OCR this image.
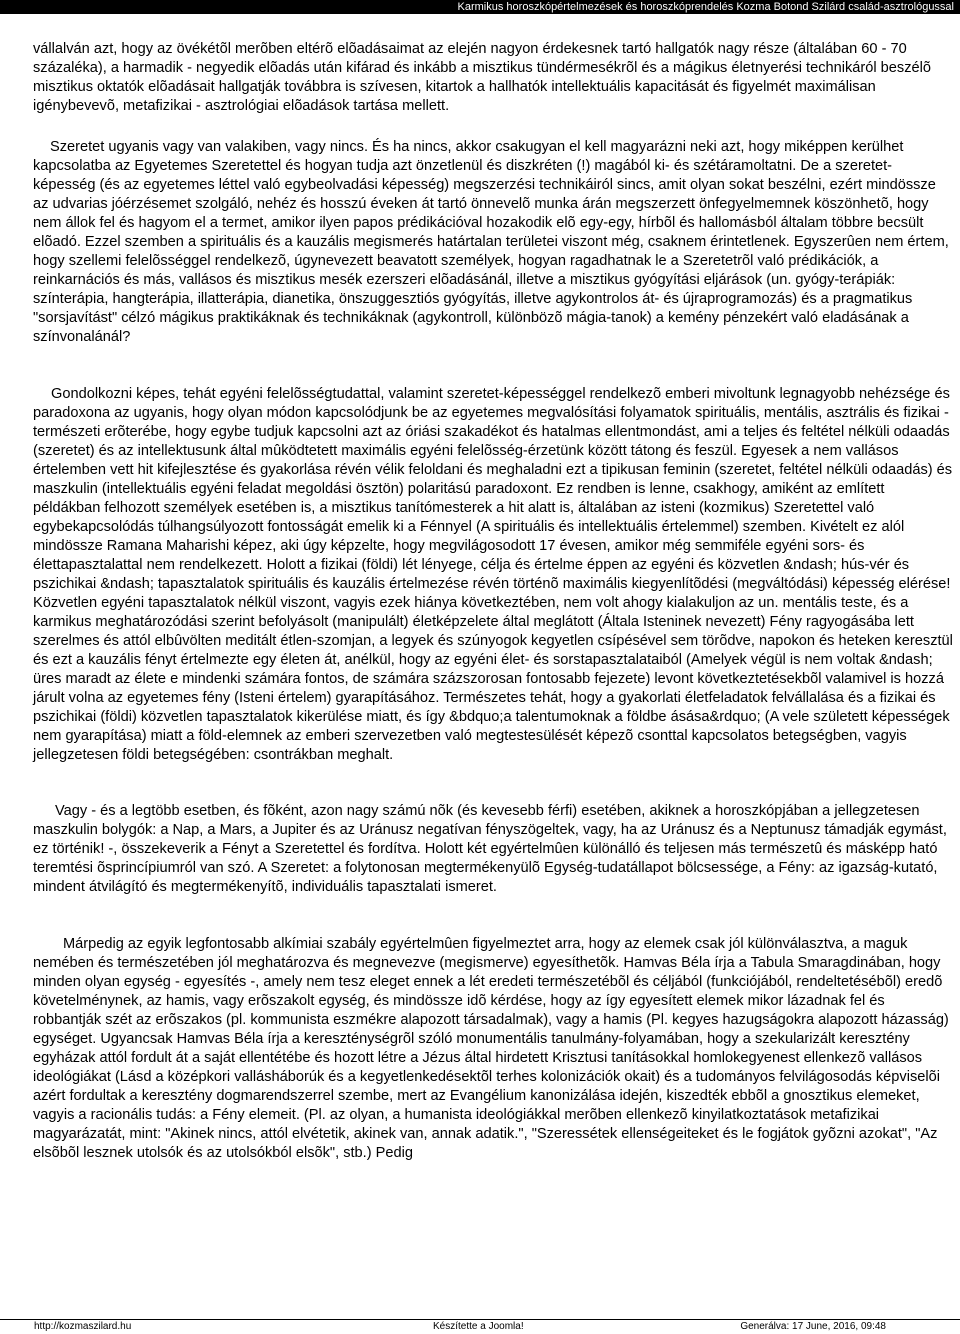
Karmikus horoszkópértelmezések és horoszkóprendelés Kozma Botond Szilárd család-asztrológussal

vállalván azt, hogy az övékétõl merõben eltérõ elõadásaimat az elején nagyon érdekesnek tartó hallgatók nagy része (általában 60 - 70 százaléka), a harmadik - negyedik elõadás után kifárad és inkább a misztikus tündérmesékrõl és a mágikus életnyerési technikáról beszélõ misztikus oktatók elõadásait hallgatják továbbra is szívesen, kitartok a hallhatók intellektuális kapacitását és figyelmét maximálisan igénybevevõ, metafizikai - asztrológiai elõadások tartása mellett.

Szeretet ugyanis vagy van valakiben, vagy nincs. És ha nincs, akkor csakugyan el kell magyarázni neki azt, hogy miképpen kerülhet kapcsolatba az Egyetemes Szeretettel és hogyan tudja azt önzetlenül és diszkréten (!) magából ki- és szétáramoltatni. De a szeretet-képesség (és az egyetemes léttel való egybeolvadási képesség) megszerzési technikáiról sincs, amit olyan sokat beszélni, ezért mindössze az udvarias jóérzésemet szolgáló, nehéz és hosszú éveken át tartó önnevelõ munka árán megszerzett önfegyelmemnek köszönhetõ, hogy nem állok fel és hagyom el a termet, amikor ilyen papos prédikációval hozakodik elõ egy-egy, hírbõl és hallomásból általam többre becsült elõadó. Ezzel szemben a spirituális és a kauzális megismerés határtalan területei viszont még, csaknem érintetlenek. Egyszerûen nem értem, hogy szellemi felelõsséggel rendelkezõ, úgynevezett beavatott személyek, hogyan ragadhatnak le a Szeretetrõl való prédikációk, a reinkarnációs és más, vallásos és misztikus mesék ezerszeri elõadásánál, illetve a misztikus gyógyítási eljárások (un. gyógy-terápiák: színterápia, hangterápia, illatterápia, dianetika, önszuggesztiós gyógyítás, illetve agykontrolos át- és újraprogramozás) és a pragmatikus "sorsjavítást" célzó mágikus praktikáknak és technikáknak (agykontroll, különbözõ mágia-tanok) a kemény pénzekért való eladásának a színvonalánál?

Gondolkozni képes, tehát egyéni felelõsségtudattal, valamint szeretet-képességgel rendelkezõ emberi mivoltunk legnagyobb nehézsége és paradoxona az ugyanis, hogy olyan módon kapcsolódjunk be az egyetemes megvalósítási folyamatok spirituális, mentális, asztrális és fizikai - természeti erõterébe, hogy egybe tudjuk kapcsolni azt az óriási szakadékot és hatalmas ellentmondást, ami a teljes és feltétel nélküli odaadás (szeretet) és az intellektusunk által mûködtetett maximális egyéni felelõsség-érzetünk között tátong és feszül. Egyesek a nem vallásos értelemben vett hit kifejlesztése és gyakorlása révén vélik feloldani és meghaladni ezt a tipikusan feminin (szeretet, feltétel nélküli odaadás) és maszkulin (intellektuális egyéni feladat megoldási ösztön) polaritású paradoxont. Ez rendben is lenne, csakhogy, amiként az említett példákban felhozott személyek esetében is, a misztikus tanítómesterek a hit alatt is, általában az isteni (kozmikus) Szeretettel való egybekapcsolódás túlhangsúlyozott fontosságát emelik ki a Fénnyel (A spirituális és intellektuális értelemmel) szemben. Kivételt ez alól mindössze Ramana Maharishi képez, aki úgy képzelte, hogy megvilágosodott 17 évesen, amikor még semmiféle egyéni sors- és élettapasztalattal nem rendelkezett. Holott a fizikai (földi) lét lényege, célja és értelme éppen az egyéni és közvetlen &ndash; hús-vér és pszichikai &ndash; tapasztalatok spirituális és kauzális értelmezése révén történõ maximális kiegyenlítõdési (megváltódási) képesség elérése! Közvetlen egyéni tapasztalatok nélkül viszont, vagyis ezek hiánya következtében, nem volt ahogy kialakuljon az un. mentális teste, és a karmikus meghatározódási szerint befolyásolt (manipulált) életképzelete által meglátott (Általa Isteninek nevezett) Fény ragyogásába lett szerelmes és attól elbûvölten meditált étlen-szomjan, a legyek és szúnyogok kegyetlen csípésével sem törõdve, napokon és heteken keresztül és ezt a kauzális fényt értelmezte egy életen át, anélkül, hogy az egyéni élet- és sorstapasztalataiból (Amelyek végül is nem voltak &ndash; üres maradt az élete e mindenki számára fontos, de számára százszorosan fontosabb fejezete) levont következtetésekbõl valamivel is hozzá járult volna az egyetemes fény (Isteni értelem) gyarapításához. Természetes tehát, hogy a gyakorlati életfeladatok felvállalása és a fizikai és pszichikai (földi) közvetlen tapasztalatok kikerülése miatt, és így &bdquo;a talentumoknak a földbe ásása&rdquo; (A vele született képességek nem gyarapítása) miatt a föld-elemnek az emberi szervezetben való megtestesülését képezõ csonttal kapcsolatos betegségben, vagyis jellegzetesen földi betegségében: csontrákban meghalt.

Vagy - és a legtöbb esetben, és fõként, azon nagy számú nõk (és kevesebb férfi) esetében, akiknek a horoszkópjában a jellegzetesen maszkulin bolygók: a Nap, a Mars, a Jupiter és az Uránusz negatívan fényszögeltek, vagy, ha az Uránusz és a Neptunusz támadják egymást, ez történik! -, összekeverik a Fényt a Szeretettel és fordítva. Holott két egyértelmûen különálló és teljesen más természetû és másképp ható teremtési õsprincípiumról van szó. A Szeretet: a folytonosan megtermékenyülõ Egység-tudatállapot bölcsessége, a Fény: az igazság-kutató, mindent átvilágító és megtermékenyítõ, individuális tapasztalati ismeret.

Márpedig az egyik legfontosabb alkímiai szabály egyértelmûen figyelmeztet arra, hogy az elemek csak jól különválasztva, a maguk nemében és természetében jól meghatározva és megnevezve (megismerve) egyesíthetõk. Hamvas Béla írja a Tabula Smaragdinában, hogy minden olyan egység - egyesítés -, amely nem tesz eleget ennek a lét eredeti természetébõl és céljából (funkciójából, rendeltetésébõl) eredõ követelménynek, az hamis, vagy erõszakolt egység, és mindössze idõ kérdése, hogy az így egyesített elemek mikor lázadnak fel és robbantják szét az erõszakos (pl. kommunista eszmékre alapozott társadalmak), vagy a hamis (Pl. kegyes hazugságokra alapozott házasság) egységet. Ugyancsak Hamvas Béla írja a kereszténységrõl szóló monumentális tanulmány-folyamában, hogy a szekularizált keresztény egyházak attól fordult át a saját ellentétébe és hozott létre a Jézus által hirdetett Krisztusi tanításokkal homlokegyenest ellenkezõ vallásos ideológiákat (Lásd a középkori vallásháborúk és a kegyetlenkedésektõl terhes kolonizációk okait) és a tudományos felvilágosodás képviselõi azért fordultak a keresztény dogmarendszerrel szembe, mert az Evangélium kanonizálása idején, kiszedték ebbõl a gnosztikus elemeket, vagyis a racionális tudás: a Fény elemeit. (Pl. az olyan, a humanista ideológiákkal merõben ellenkezõ kinyilatkoztatások metafizikai magyarázatát, mint: "Akinek nincs, attól elvétetik, akinek van, annak adatik.", "Szeressétek ellenségeiteket és le fogjátok gyõzni azokat", "Az elsõbõl lesznek utolsók és az utolsókból elsõk", stb.) Pedig

http://kozmaszilard.hu	Készítette a Joomla!	Generálva: 17 June, 2016, 09:48
